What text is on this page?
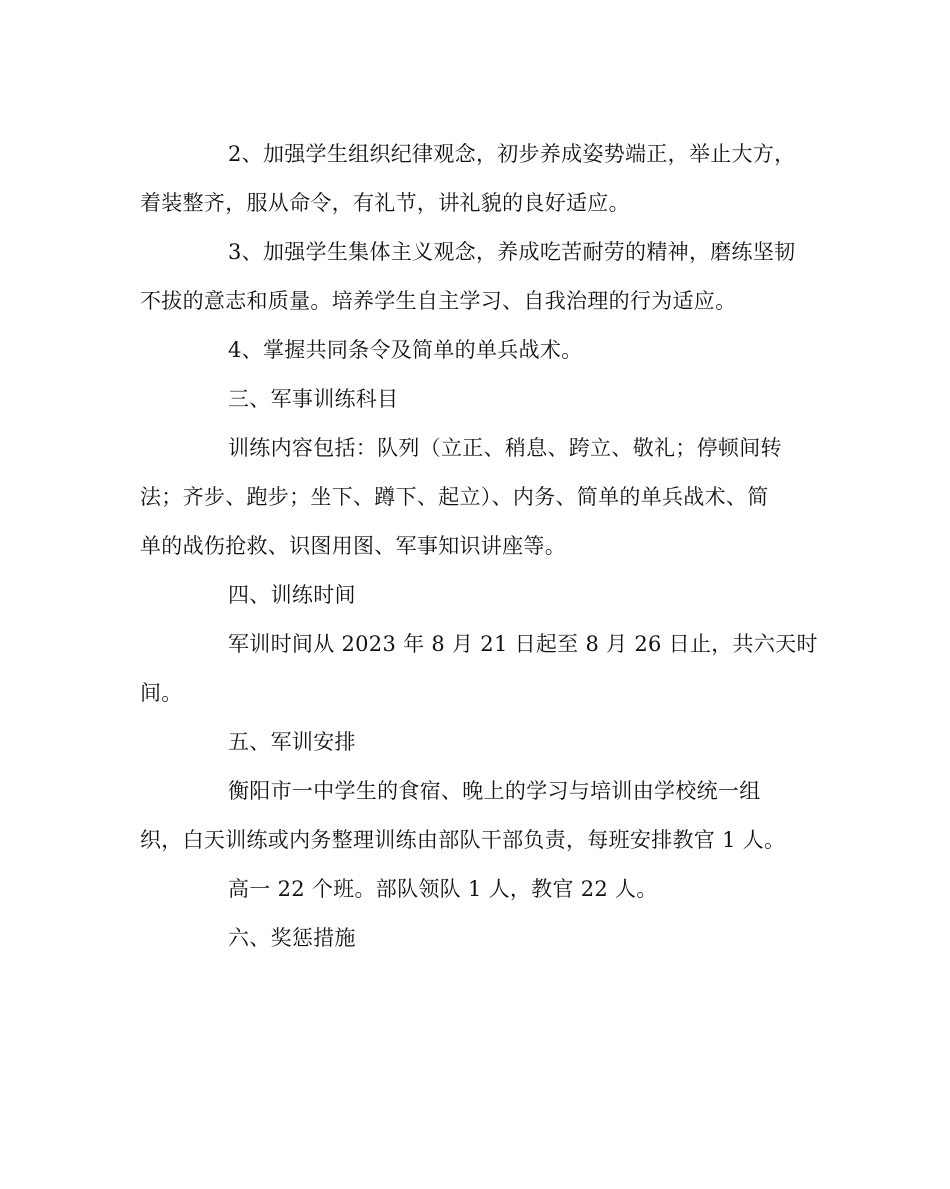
2、加强学生组织纪律观念，初步养成姿势端正，举止大方，

着装整齐，服从命令，有礼节，讲礼貌的良好适应。

3、加强学生集体主义观念，养成吃苦耐劳的精神，磨练坚韧

不拔的意志和质量。培养学生自主学习、自我治理的行为适应。

4、掌握共同条令及简单的单兵战术。

三、军事训练科目

训练内容包括：队列（立正、稍息、跨立、敬礼；停顿间转

法；齐步、跑步；坐下、蹲下、起立）、内务、简单的单兵战术、简

单的战伤抢救、识图用图、军事知识讲座等。

四、训练时间

军训时间从 2023 年 8 月 21 日起至 8 月 26 日止，共六天时

间。

五、军训安排

衡阳市一中学生的食宿、晚上的学习与培训由学校统一组

织，白天训练或内务整理训练由部队干部负责，每班安排教官 1 人。

高一 22 个班。部队领队 1 人，教官 22 人。

六、奖惩措施
